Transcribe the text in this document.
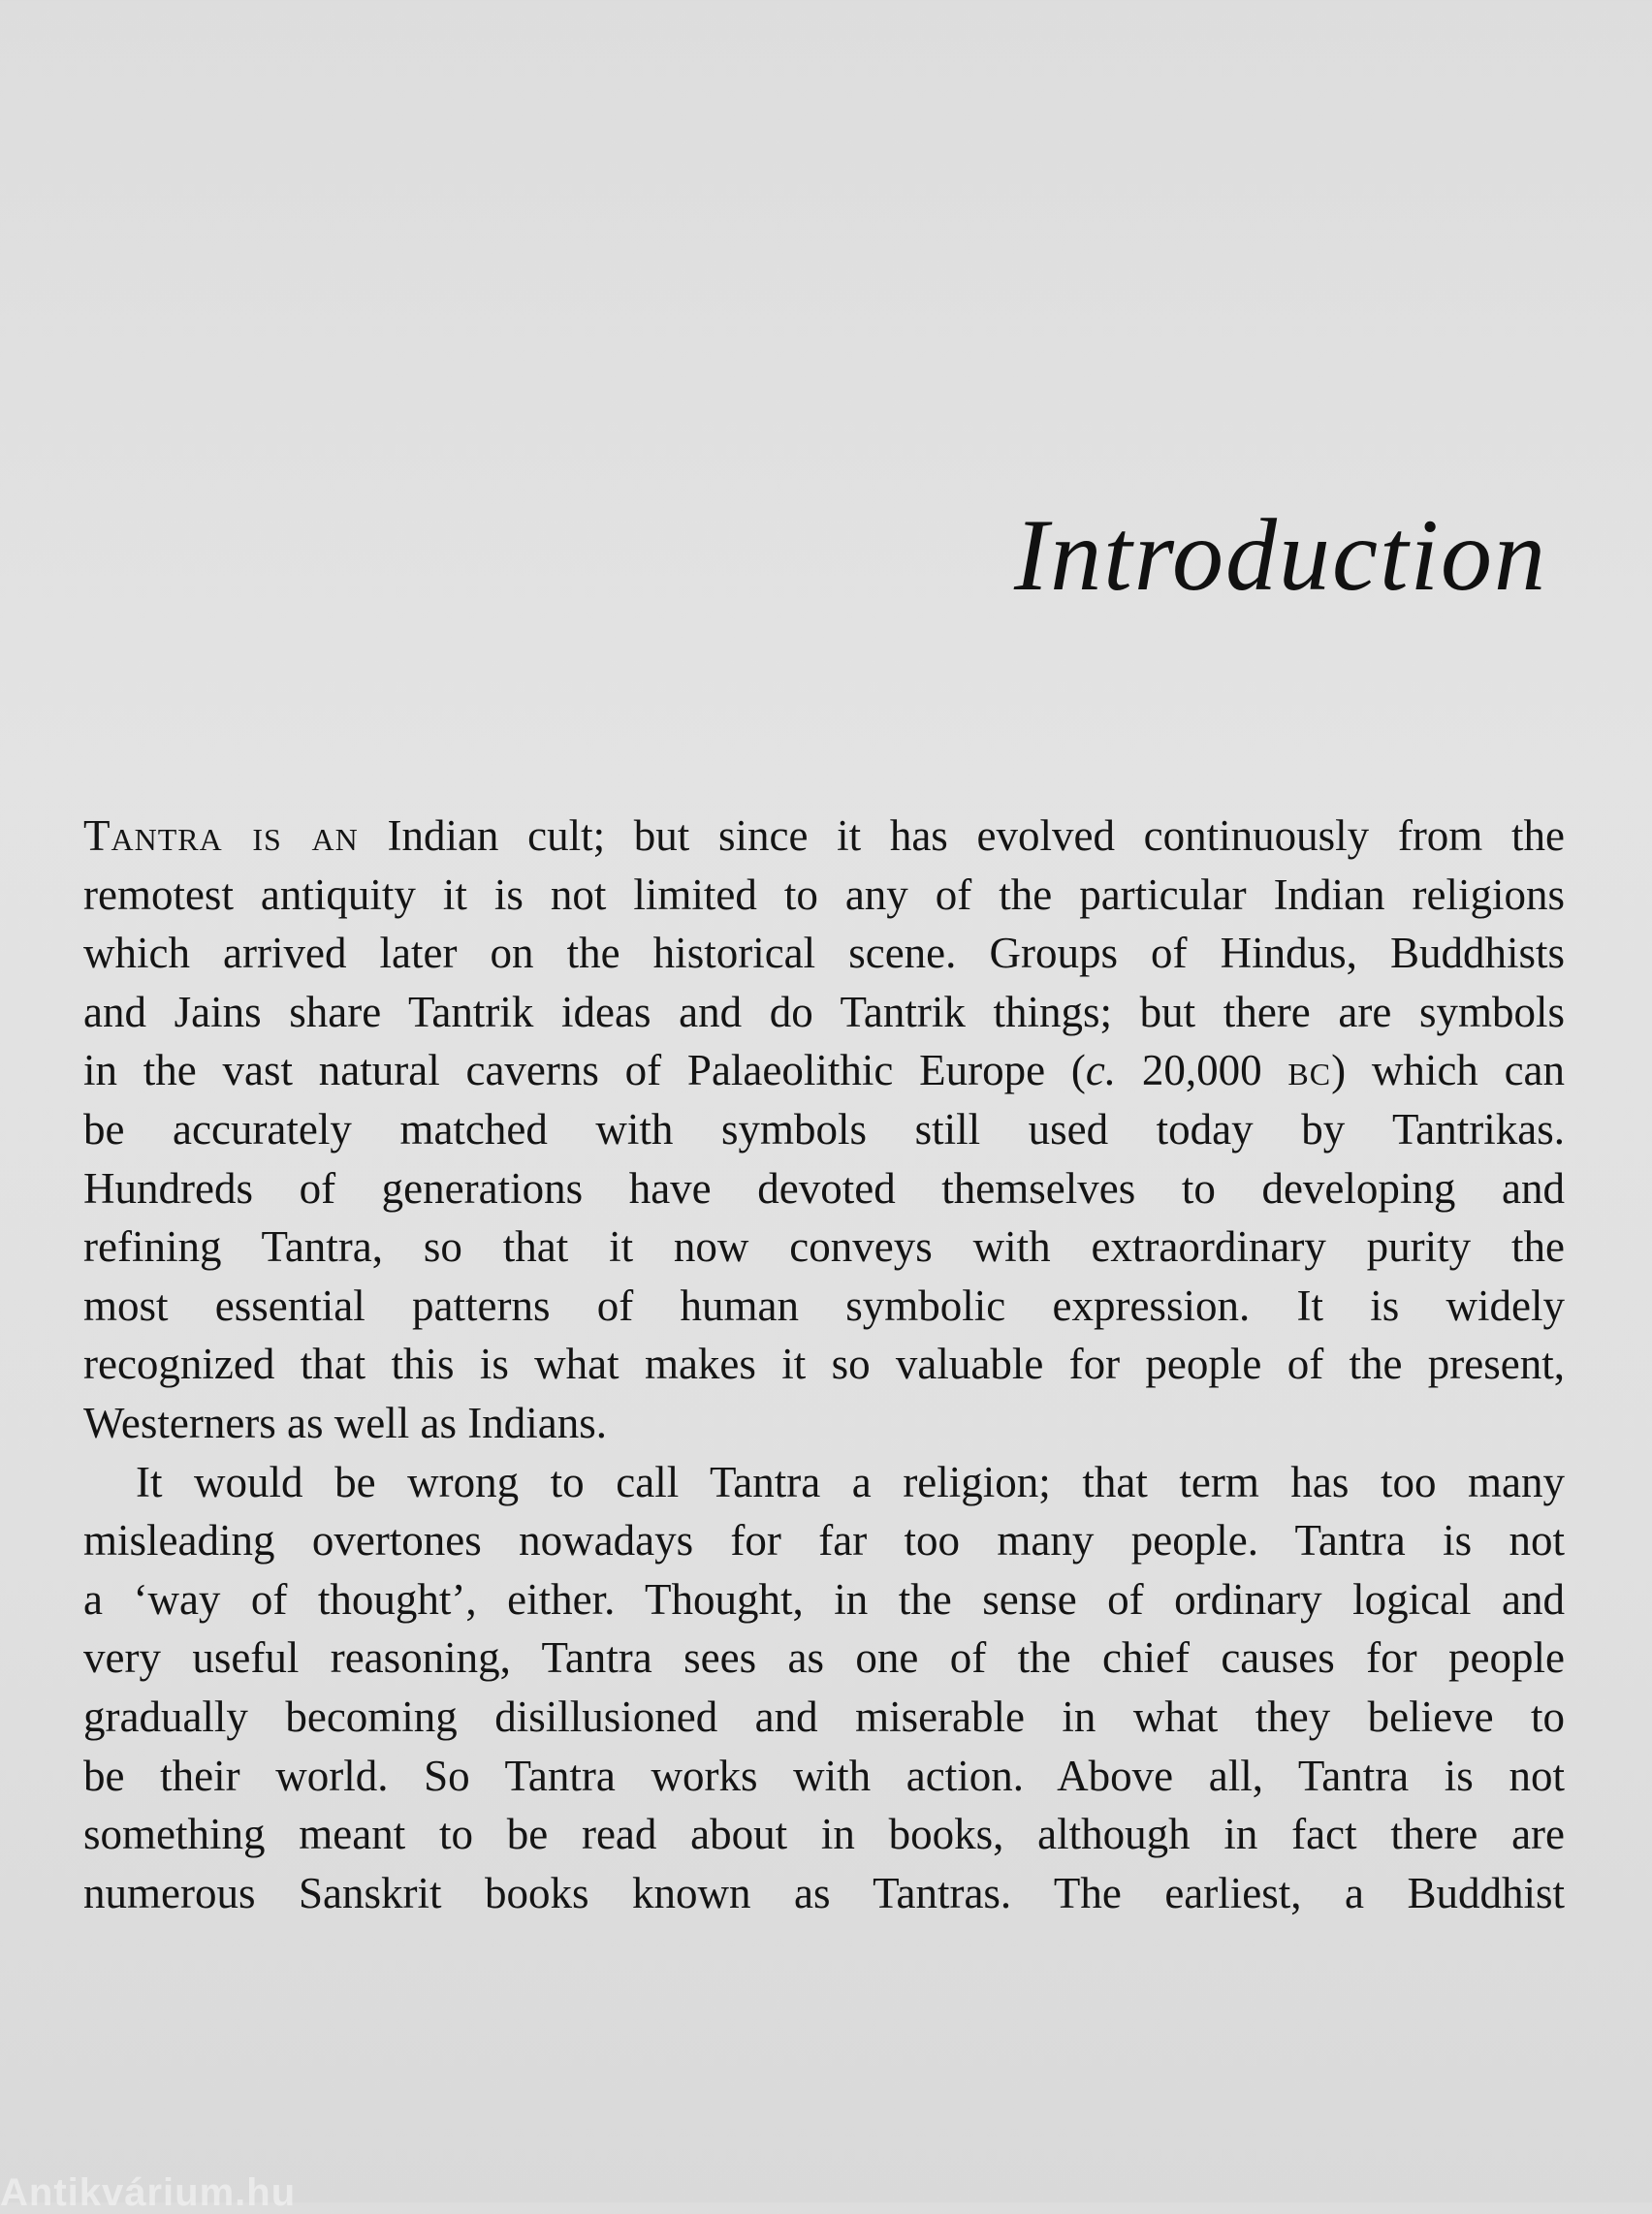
Introduction
Tantra is an Indian cult; but since it has evolved continuously from the
remotest antiquity it is not limited to any of the particular Indian religions
which arrived later on the historical scene. Groups of Hindus, Buddhists
and Jains share Tantrik ideas and do Tantrik things; but there are symbols
in the vast natural caverns of Palaeolithic Europe (c. 20,000 bc) which can
be accurately matched with symbols still used today by Tantrikas.
Hundreds of generations have devoted themselves to developing and
refining Tantra, so that it now conveys with extraordinary purity the
most essential patterns of human symbolic expression. It is widely
recognized that this is what makes it so valuable for people of the present,
Westerners as well as Indians.
It would be wrong to call Tantra a religion; that term has too many
misleading overtones nowadays for far too many people. Tantra is not
a ‘way of thought’, either. Thought, in the sense of ordinary logical and
very useful reasoning, Tantra sees as one of the chief causes for people
gradually becoming disillusioned and miserable in what they believe to
be their world. So Tantra works with action. Above all, Tantra is not
something meant to be read about in books, although in fact there are
numerous Sanskrit books known as Tantras. The earliest, a Buddhist
Antikvárium.hu
